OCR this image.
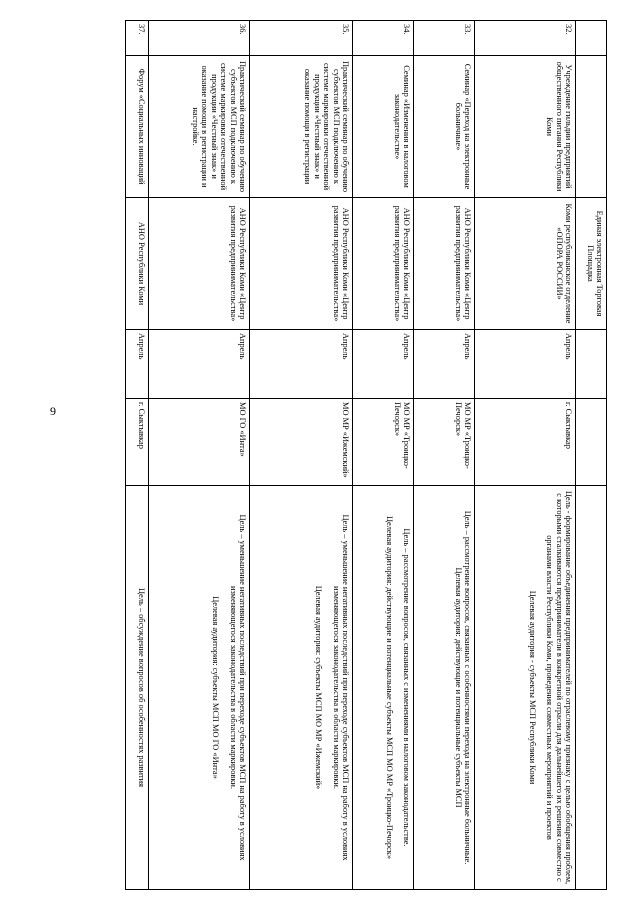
9
		Единая электронная Торговая Площадка			
32.	Учреждение гильдии предприятий общественного питания Республики Коми	Коми республиканское отделение «ОПОРА РОССИИ»	Апрель	г. Сыктывкар	Цель - формирование объединения предпринимателей по отраслевому признаку с целью обобщения проблем, с которыми сталкиваются предприниматели в конкретной отрасли для дальнейшего их решения совместно с органами власти Республики Коми, проведения совместных мероприятий и проектов
Целевая аудитория - субъекты МСП Республики Коми

33.	Семинар «Переход на электронные больничные»	АНО Республики Коми «Центр развития предпринимательства»	Апрель	МО МР «Троицко-Печорск»	Цель – рассмотрение вопросов, связанных с особенностями перехода на электронные больничные.
Целевая аудитория: действующие и потенциальные субъекты МСП

34.	Семинар «Изменения в налоговом законодательстве»	АНО Республики Коми «Центр развития предпринимательства»	Апрель	МО МР «Троицко-Печорск»	Цель – рассмотрение вопросов, связанных с изменениями в налоговом законодательстве.
Целевая аудитория: действующие и потенциальные субъекты МСП МО МР «Троицко-Печорск»

35.	Практический семинар по обучению субъектов МСП подключению к системе маркировки отечественной продукции «Честный знак» и оказание помощи в регистрации	АНО Республики Коми «Центр развития предпринимательства»	Апрель	МО МР «Ижемский»	Цель – уменьшение негативных последствий при переходе субъектов МСП на работу в условиях изменяющегося законодательства в области маркировки.
Целевая аудитория: субъекты МСП МО МР «Ижемский»

36.	Практический семинар по обучению субъектов МСП подключению к системе маркировки отечественной продукции «Честный знак» и оказание помощи в регистрации и настройке.	АНО Республики Коми «Центр развития предпринимательства»	Апрель	МО ГО «Инта»	Цель – уменьшение негативных последствий при переходе субъектов МСП на работу в условиях изменяющегося законодательства в области маркировки.
Целевая аудитория: субъекты МСП МО ГО «Инта»

37.	Форум «Социальных инноваций	АНО Республики Коми	Апрель	г. Сыктывкар	Цель – обсуждение вопросов об особенностях развития
